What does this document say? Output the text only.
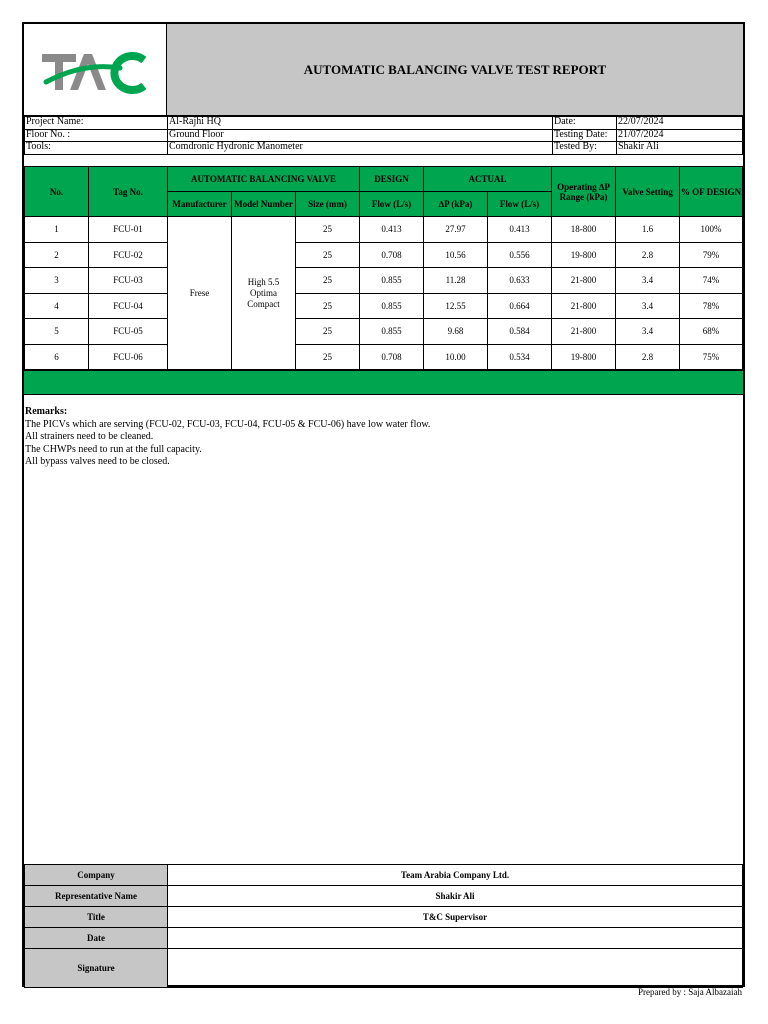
AUTOMATIC BALANCING VALVE TEST REPORT
Project Name:	Al-Rajhi HQ	Date:	22/07/2024
Floor No. :	Ground Floor	Testing Date:	21/07/2024
Tools:	Comdronic Hydronic Manometer	Tested By:	Shakir Ali
No.	Tag No.	AUTOMATIC BALANCING VALVE			DESIGN	ACTUAL		Operating ∆P Range (kPa)	Valve Setting	% OF DESIGN
		Manufacturer	Model Number	Size (mm)	Flow (L/s)	∆P (kPa)	Flow (L/s)			
1	FCU-01	Frese	High 5.5 Optima Compact	25	0.413	27.97	0.413	18-800	1.6	100%
2	FCU-02			25	0.708	10.56	0.556	19-800	2.8	79%
3	FCU-03			25	0.855	11.28	0.633	21-800	3.4	74%
4	FCU-04			25	0.855	12.55	0.664	21-800	3.4	78%
5	FCU-05			25	0.855	9.68	0.584	21-800	3.4	68%
6	FCU-06			25	0.708	10.00	0.534	19-800	2.8	75%
Remarks:
The PICVs which are serving (FCU-02, FCU-03, FCU-04, FCU-05 & FCU-06) have low water flow.
All strainers need to be cleaned.
The CHWPs need to run at the full capacity.
All bypass valves need to be closed.
Company	Team Arabia Company Ltd.
Representative Name	Shakir Ali
Title	T&C Supervisor
Date	
Signature	
Prepared by : Saja Albazaiah
